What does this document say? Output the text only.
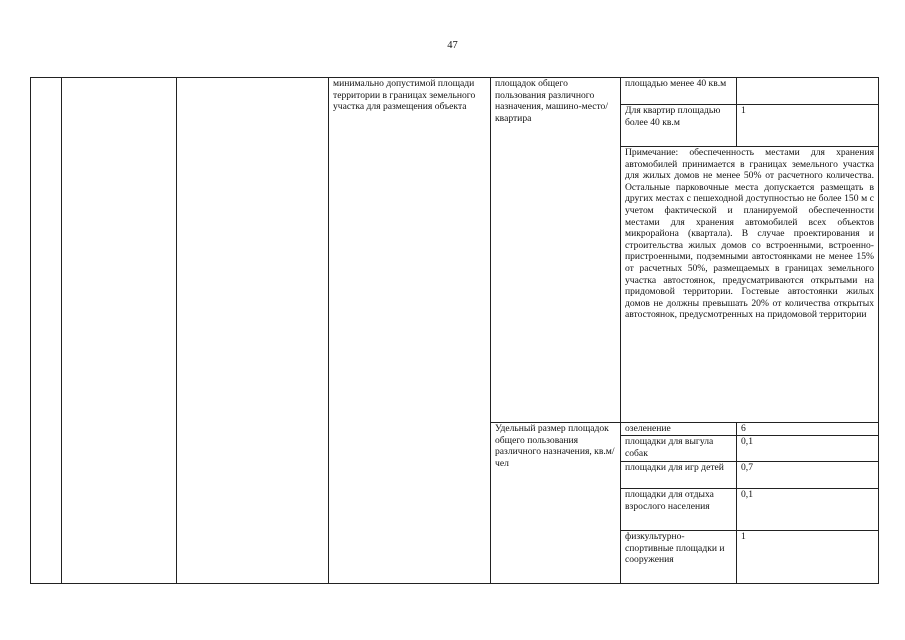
47
			минимально допустимой площади территории в границах земельного участка для размещения объекта	площадок общего пользования различного назначения, машино-место/квартира	площадью менее 40 кв.м	
					Для квартир площадью более 40 кв.м	1
					Примечание: обеспеченность местами для хранения автомобилей принимается в границах земельного участка для жилых домов не менее 50% от расчетного количества. Остальные парковочные места допускается размещать в других местах с пешеходной доступностью не более 150 м с учетом фактической и планируемой обеспеченности местами для хранения автомобилей всех объектов микрорайона (квартала). В случае проектирования и строительства жилых домов со встроенными, встроенно-пристроенными, подземными автостоянками не менее 15% от расчетных 50%, размещаемых в границах земельного участка автостоянок, предусматриваются открытыми на придомовой территории. Гостевые автостоянки жилых домов не должны превышать 20% от количества открытых автостоянок, предусмотренных на придомовой территории	
				Удельный размер площадок общего пользования различного назначения, кв.м/чел	озеленение	6
					площадки для выгула собак	0,1
					площадки для игр детей	0,7
					площадки для отдыха взрослого населения	0,1
					физкультурно-спортивные площадки и сооружения	1
